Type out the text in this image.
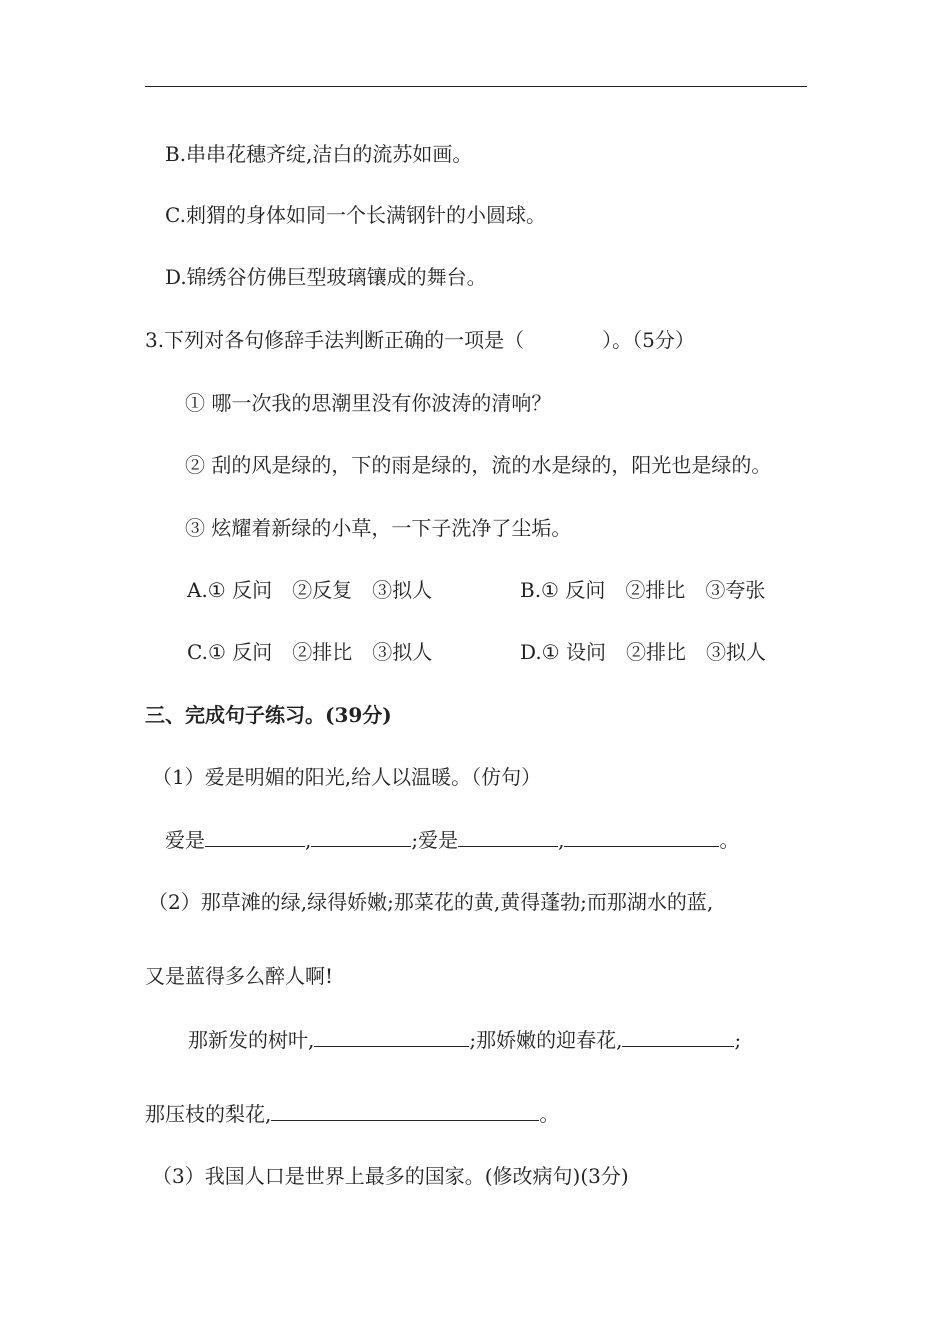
B.串串花穗齐绽,洁白的流苏如画。
C.刺猬的身体如同一个长满钢针的小圆球。
D.锦绣谷仿佛巨型玻璃镶成的舞台。
3.下列对各句修辞手法判断正确的一项是（	）。（5分）
① 哪一次我的思潮里没有你波涛的清响？
② 刮的风是绿的，下的雨是绿的，流的水是绿的，阳光也是绿的。
③ 炫耀着新绿的小草，一下子洗净了尘垢。
A.① 反问　②反复　③拟人	B.① 反问　②排比　③夸张
C.① 反问　②排比　③拟人	D.① 设问　②排比　③拟人
三、完成句子练习。(39分)
（1）爱是明媚的阳光,给人以温暖。（仿句）
爱是	,	;爱是	,	。
（2）那草滩的绿,绿得娇嫩;那菜花的黄,黄得蓬勃;而那湖水的蓝,
又是蓝得多么醉人啊!
那新发的树叶,	;那娇嫩的迎春花,	;
那压枝的梨花,	。
（3）我国人口是世界上最多的国家。(修改病句)(3分)
